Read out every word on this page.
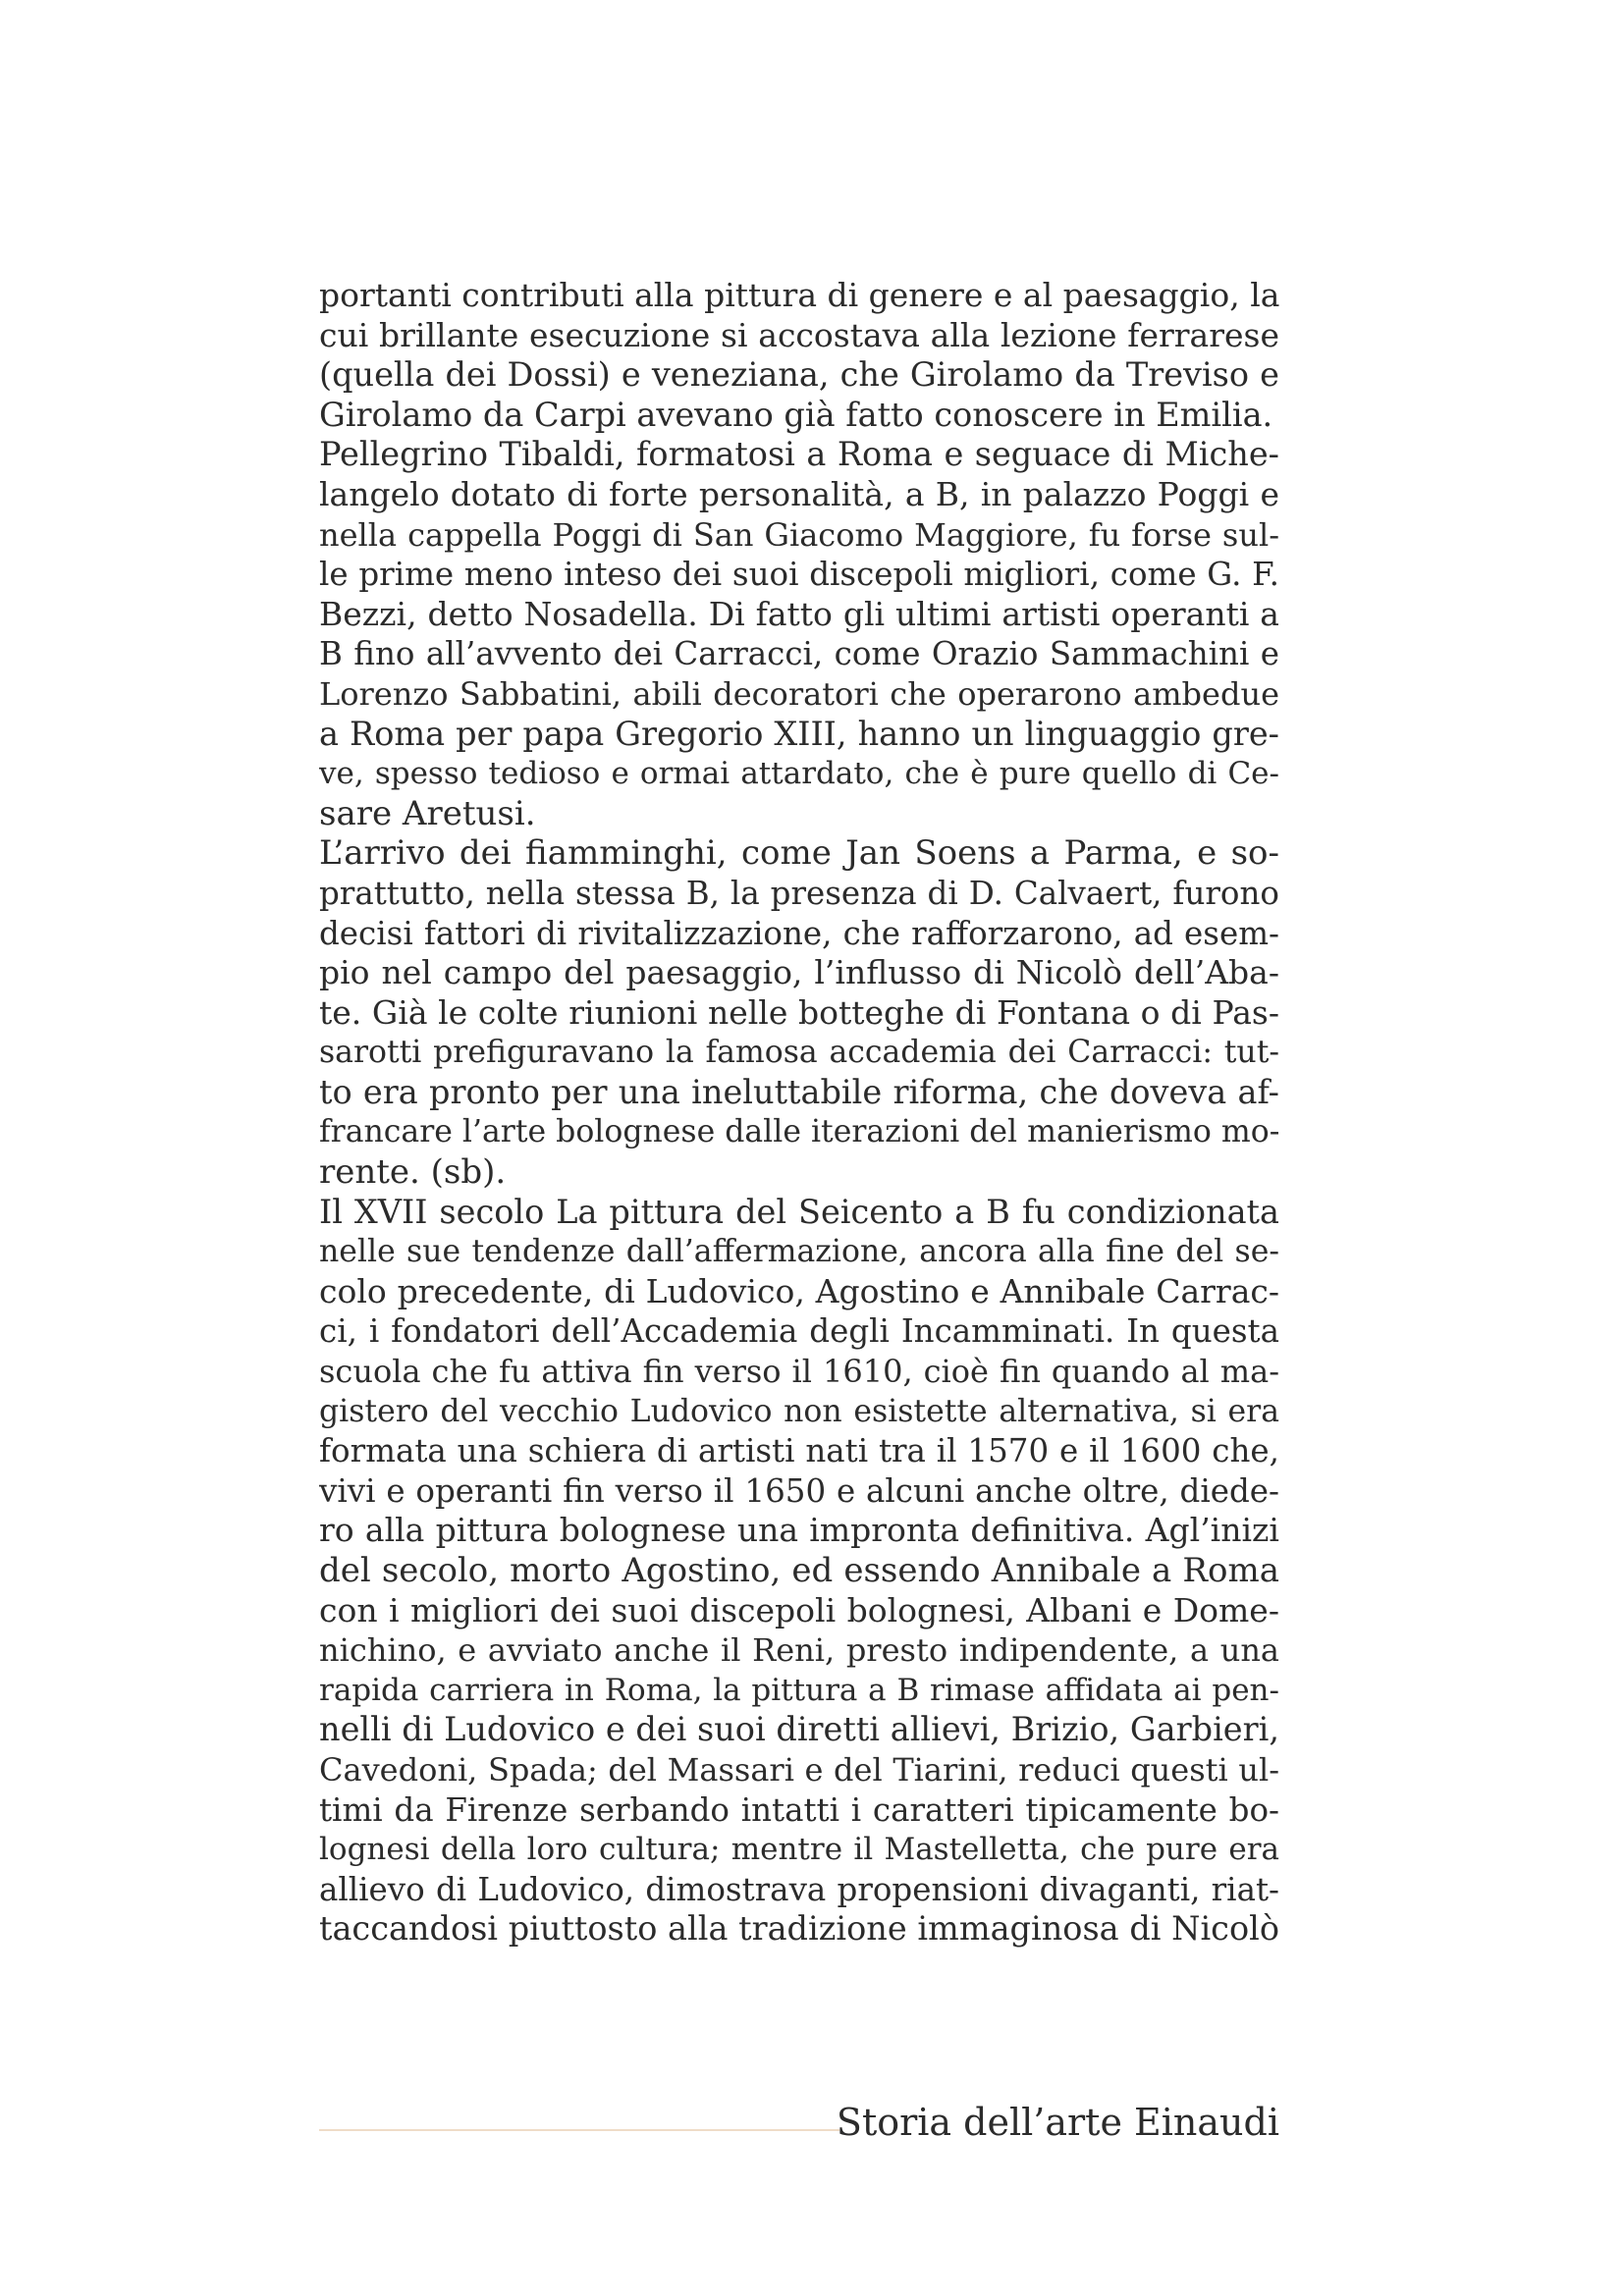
portanti contributi alla pittura di genere e al paesaggio, la
cui brillante esecuzione si accostava alla lezione ferrarese
(quella dei Dossi) e veneziana, che Girolamo da Treviso e
Girolamo da Carpi avevano già fatto conoscere in Emilia.
Pellegrino Tibaldi, formatosi a Roma e seguace di Miche-
langelo dotato di forte personalità, a B, in palazzo Poggi e
nella cappella Poggi di San Giacomo Maggiore, fu forse sul-
le prime meno inteso dei suoi discepoli migliori, come G. F.
Bezzi, detto Nosadella. Di fatto gli ultimi artisti operanti a
B fino all’avvento dei Carracci, come Orazio Sammachini e
Lorenzo Sabbatini, abili decoratori che operarono ambedue
a Roma per papa Gregorio XIII, hanno un linguaggio gre-
ve, spesso tedioso e ormai attardato, che è pure quello di Ce-
sare Aretusi.
L’arrivo dei fiamminghi, come Jan Soens a Parma, e so-
prattutto, nella stessa B, la presenza di D. Calvaert, furono
decisi fattori di rivitalizzazione, che rafforzarono, ad esem-
pio nel campo del paesaggio, l’influsso di Nicolò dell’Aba-
te. Già le colte riunioni nelle botteghe di Fontana o di Pas-
sarotti prefiguravano la famosa accademia dei Carracci: tut-
to era pronto per una ineluttabile riforma, che doveva af-
francare l’arte bolognese dalle iterazioni del manierismo mo-
rente. (sb).
Il XVII secolo La pittura del Seicento a B fu condizionata
nelle sue tendenze dall’affermazione, ancora alla fine del se-
colo precedente, di Ludovico, Agostino e Annibale Carrac-
ci, i fondatori dell’Accademia degli Incamminati. In questa
scuola che fu attiva fin verso il 1610, cioè fin quando al ma-
gistero del vecchio Ludovico non esistette alternativa, si era
formata una schiera di artisti nati tra il 1570 e il 1600 che,
vivi e operanti fin verso il 1650 e alcuni anche oltre, diede-
ro alla pittura bolognese una impronta definitiva. Agl’inizi
del secolo, morto Agostino, ed essendo Annibale a Roma
con i migliori dei suoi discepoli bolognesi, Albani e Dome-
nichino, e avviato anche il Reni, presto indipendente, a una
rapida carriera in Roma, la pittura a B rimase affidata ai pen-
nelli di Ludovico e dei suoi diretti allievi, Brizio, Garbieri,
Cavedoni, Spada; del Massari e del Tiarini, reduci questi ul-
timi da Firenze serbando intatti i caratteri tipicamente bo-
lognesi della loro cultura; mentre il Mastelletta, che pure era
allievo di Ludovico, dimostrava propensioni divaganti, riat-
taccandosi piuttosto alla tradizione immaginosa di Nicolò
Storia dell’arte Einaudi
